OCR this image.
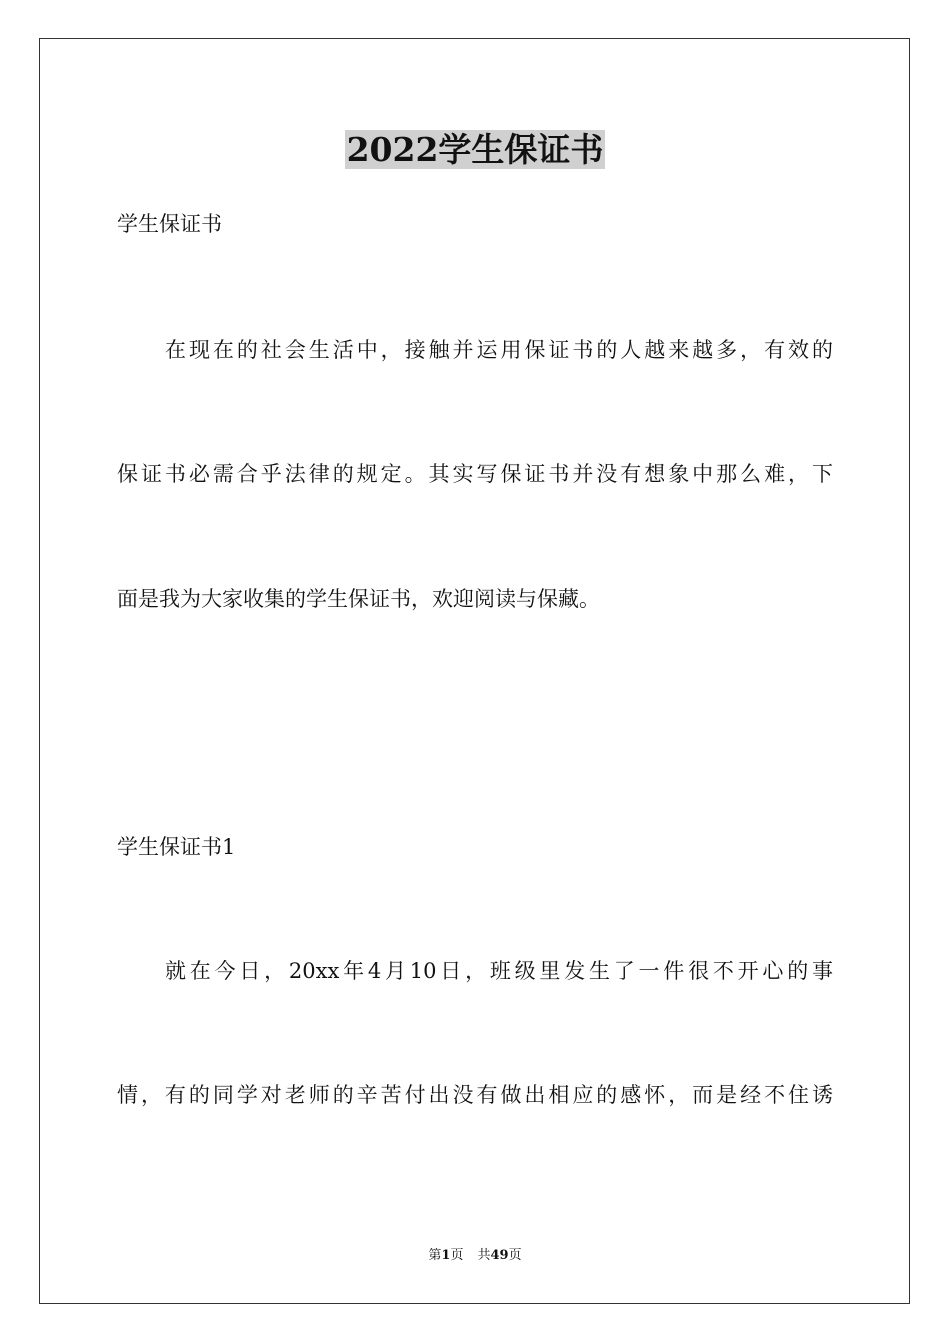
2022学生保证书
学生保证书
在现在的社会生活中，接触并运用保证书的人越来越多，有效的
保证书必需合乎法律的规定。其实写保证书并没有想象中那么难，下
面是我为大家收集的学生保证书，欢迎阅读与保藏。
学生保证书1
就在今日，20xx年4月10日，班级里发生了一件很不开心的事
情，有的同学对老师的辛苦付出没有做出相应的感怀，而是经不住诱
第1页 共49页
